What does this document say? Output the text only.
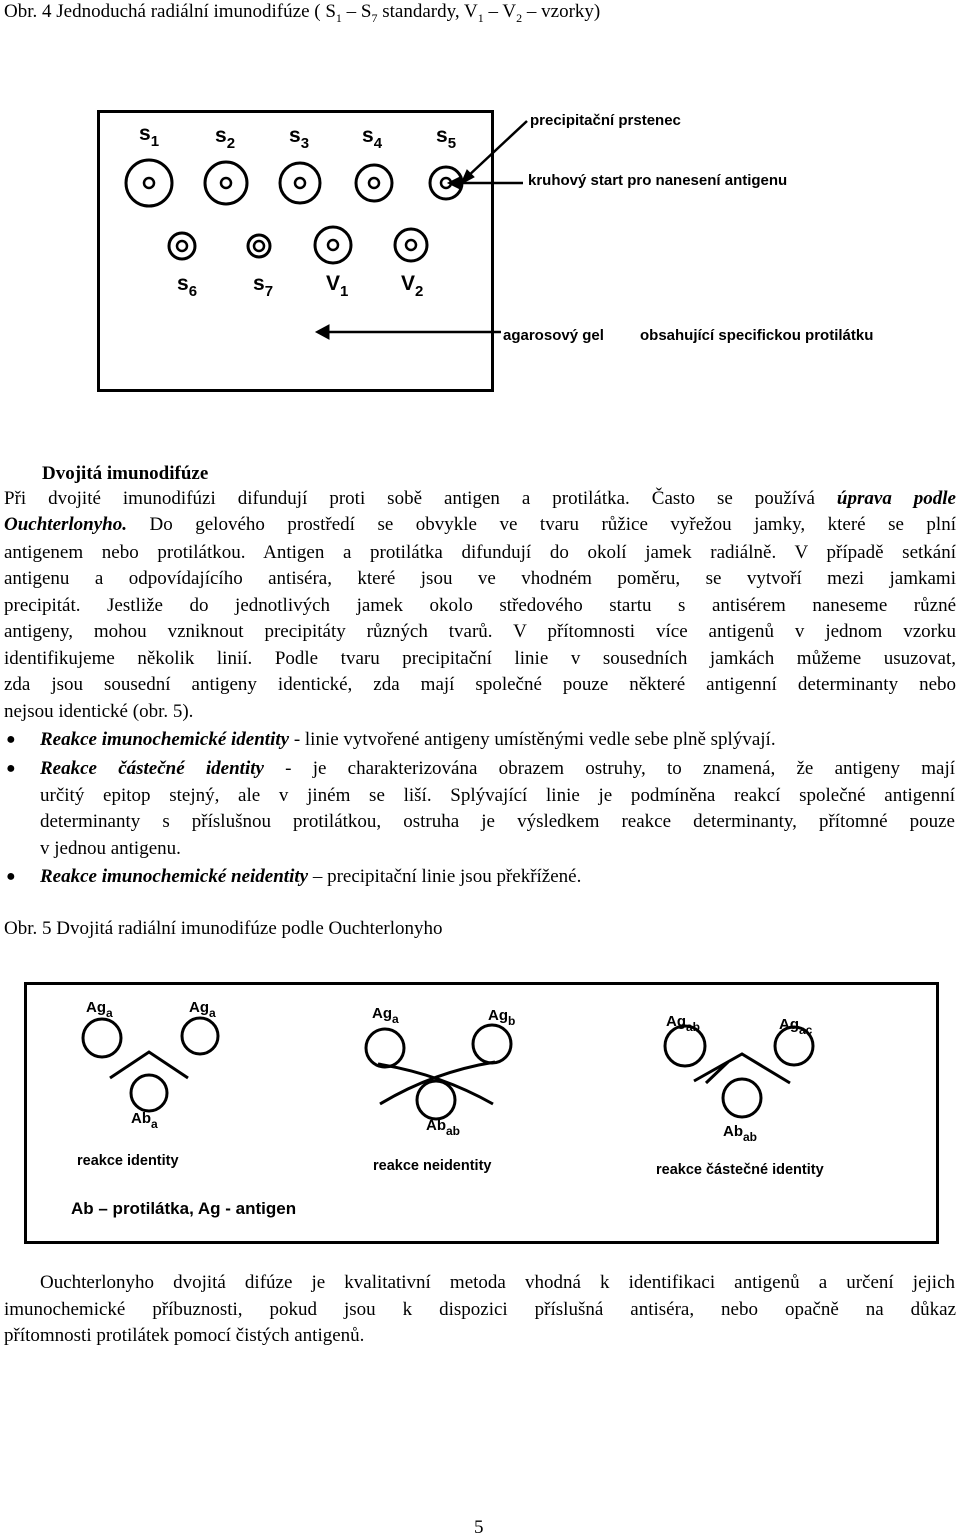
Obr. 4 Jednoduchá radiální imunodifúze ( $S_1 - S_7$ standardy, $V_1 - V_2$ – vzorky)
$s_1$	$s_2$	$s_3$	$s_4$	$s_5$
$s_6$	$s_7$	$V_1$	$V_2$
precipitační prstenec
kruhový start pro nanesení antigenu
agarosový gel obsahující specifickou protilátku
Dvojitá imunodifúze
Při dvojité imunodifúzi difundují proti sobě antigen a protilátka. Často se používá úprava podle
Ouchterlonyho. Do gelového prostředí se obvykle ve tvaru růžice vyřežou jamky, které se plní
antigenem nebo protilátkou. Antigen a protilátka difundují do okolí jamek radiálně. V případě setkání
antigenu a odpovídajícího antiséra, které jsou ve vhodném poměru, se vytvoří mezi jamkami
precipitát. Jestliže do jednotlivých jamek okolo středového startu s antisérem naneseme různé
antigeny, mohou vzniknout precipitáty různých tvarů. V přítomnosti více antigenů v jednom vzorku
identifikujeme několik linií. Podle tvaru precipitační linie v sousedních jamkách můžeme usuzovat,
zda jsou sousední antigeny identické, zda mají společné pouze některé antigenní determinanty nebo
nejsou identické (obr. 5).
● Reakce imunochemické identity - linie vytvořené antigeny umístěnými vedle sebe plně splývají.
● Reakce částečné identity - je charakterizována obrazem ostruhy, to znamená, že antigeny mají
určitý epitop stejný, ale v jiném se liší. Splývající linie je podmíněna reakcí společné antigenní
determinanty s příslušnou protilátkou, ostruha je výsledkem reakce determinanty, přítomné pouze
v jednou antigenu.
● Reakce imunochemické neidentity – precipitační linie jsou překřížené.
Obr. 5 Dvojitá radiální imunodifúze podle Ouchterlonyho
$Ag_a$	$Ag_a$
$Ab_a$
reakce identity
$Ag_a$	$Ag_b$
$Ab_{ab}$
reakce neidentity
$Ag_{ab}$	$Ag_{ac}$
$Ab_{ab}$
reakce částečné identity
Ab – protilátka, Ag - antigen
Ouchterlonyho dvojitá difúze je kvalitativní metoda vhodná k identifikaci antigenů a určení jejich
imunochemické příbuznosti, pokud jsou k dispozici příslušná antiséra, nebo opačně na důkaz
přítomnosti protilátek pomocí čistých antigenů.
5
